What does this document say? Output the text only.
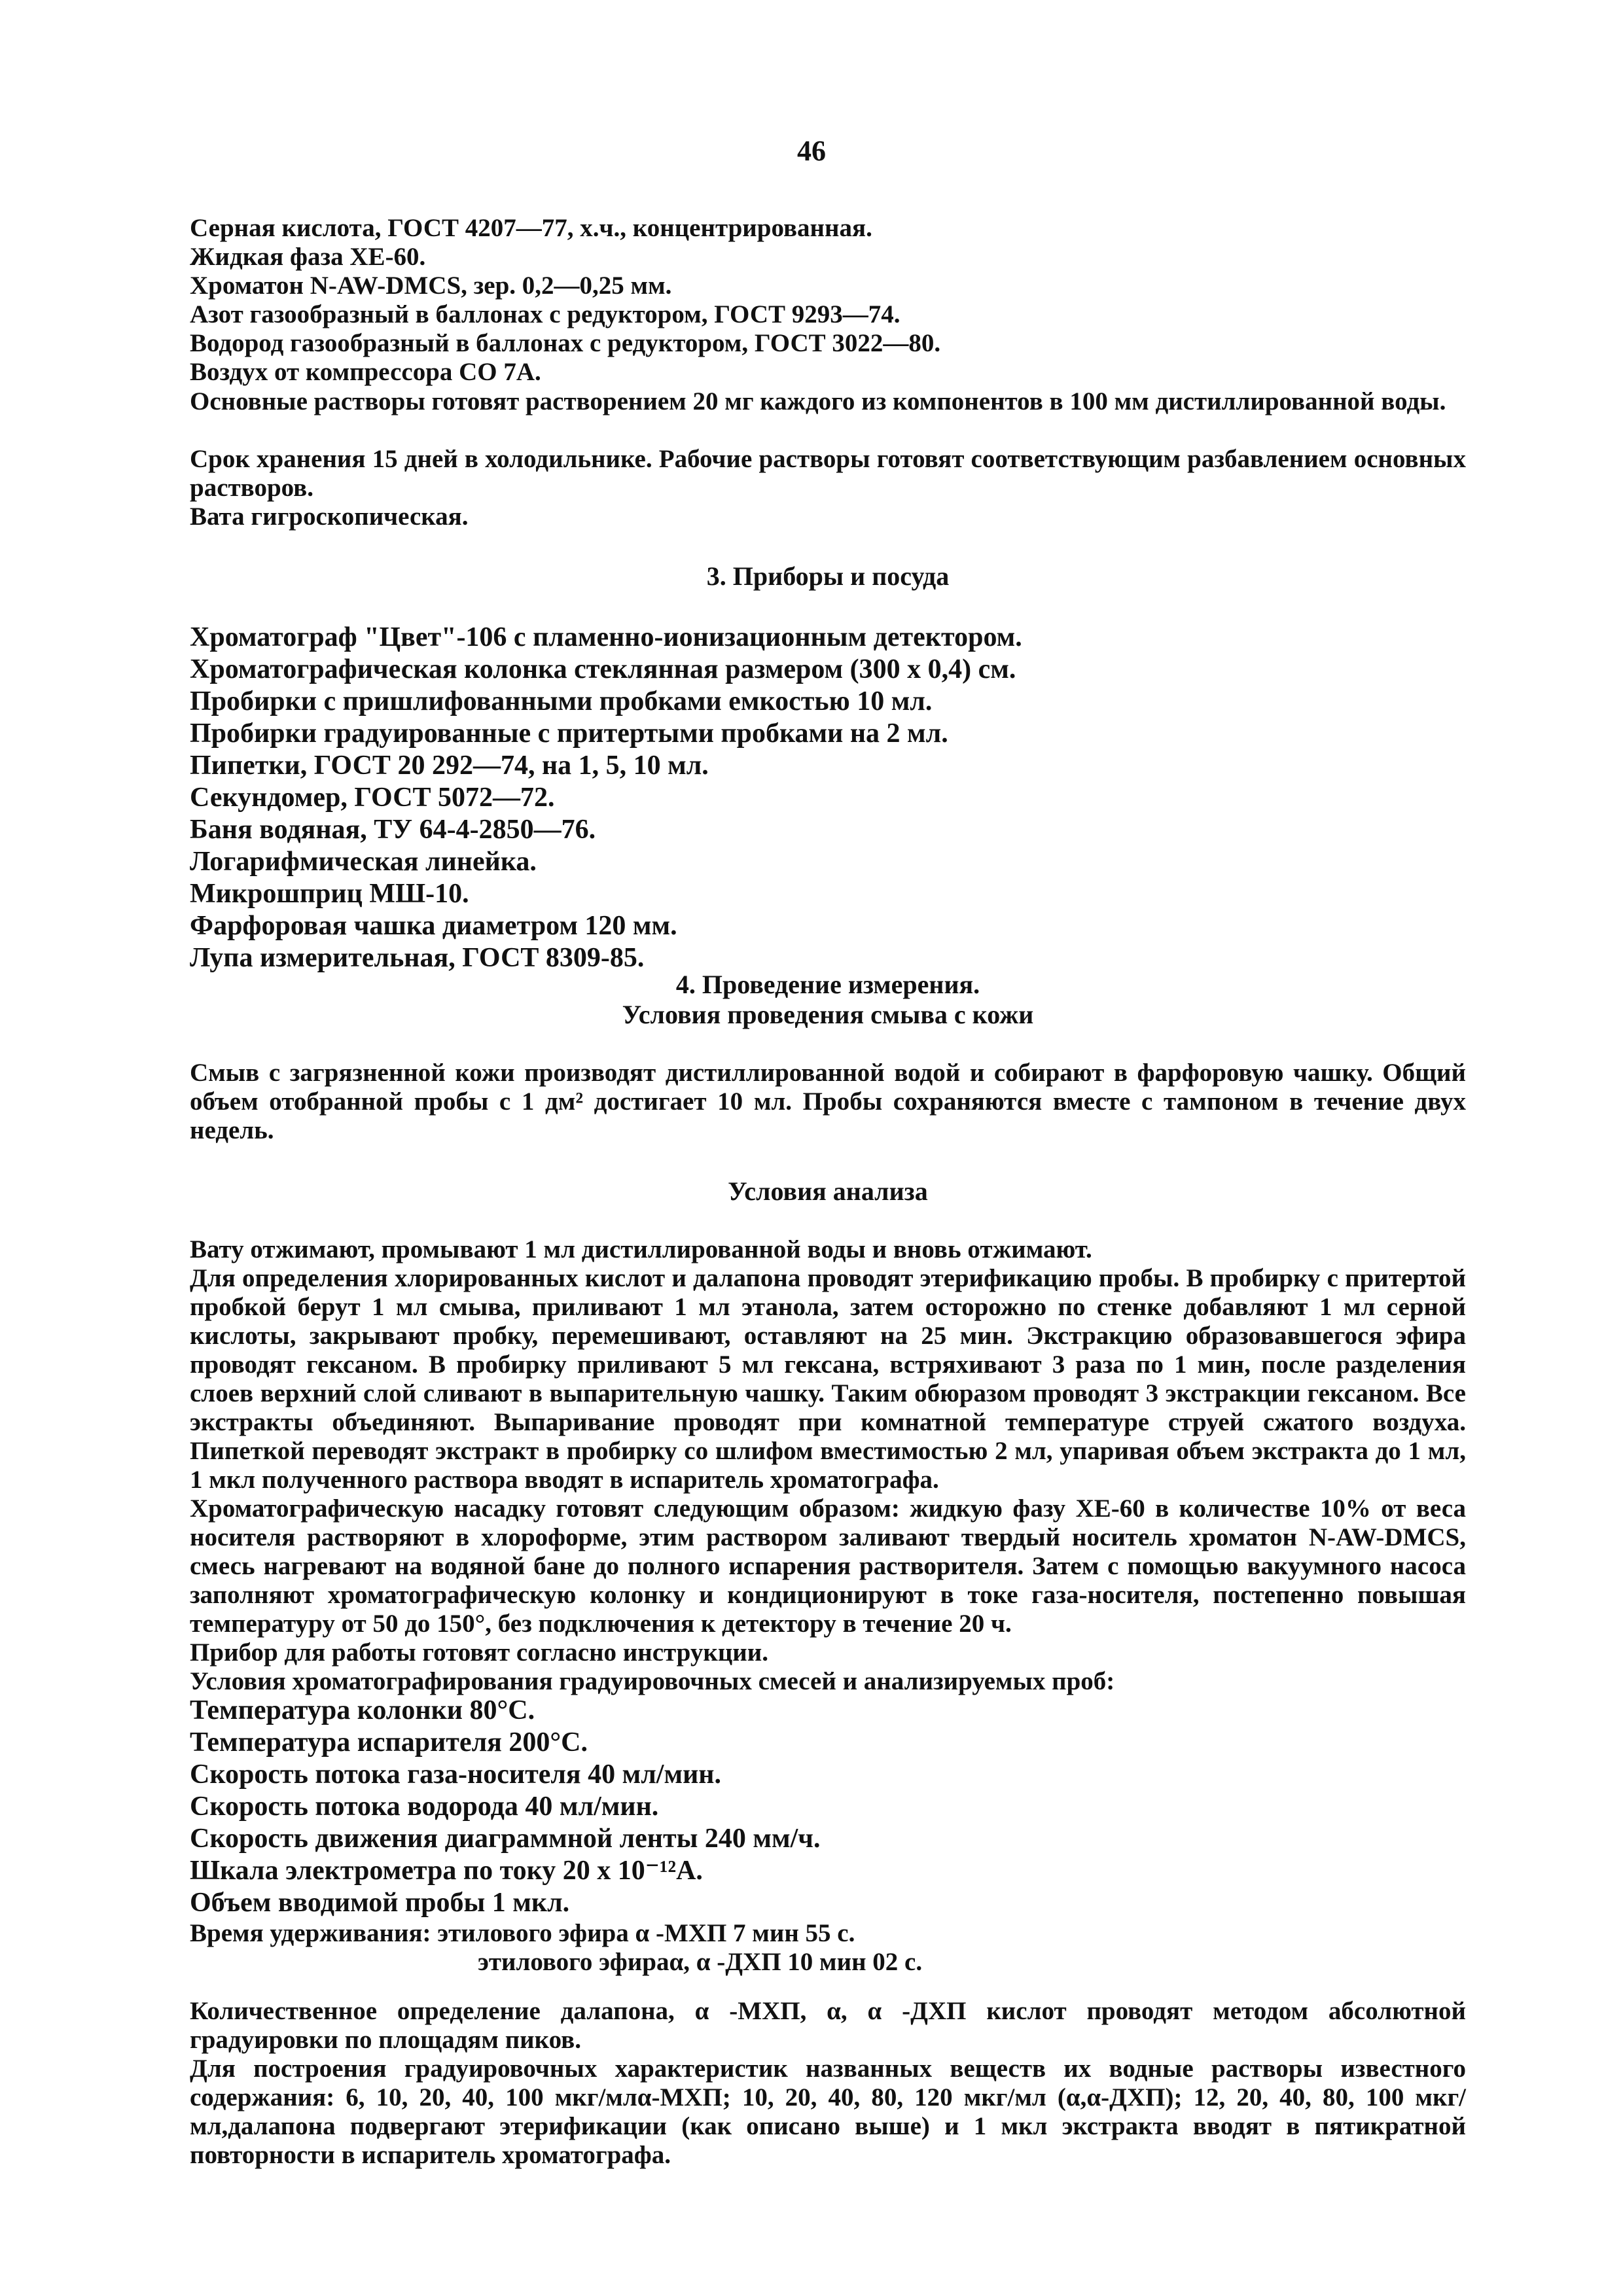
46

Серная кислота, ГОСТ 4207—77, х.ч., концентрированная.

Жидкая фаза ХЕ-60.

Хроматон N-AW-DMCS, зер. 0,2—0,25 мм.

Азот газообразный в баллонах с редуктором, ГОСТ 9293—74.

Водород газообразный в баллонах с редуктором, ГОСТ 3022—80.

Воздух от компрессора СО 7А.

Основные растворы готовят растворением 20 мг каждого из компонентов в 100 мм дистиллированной воды.

Срок хранения 15 дней в холодильнике. Рабочие растворы готовят соответствующим разбавлением основных растворов.

Вата гигроскопическая.

3. Приборы и посуда

Хроматограф "Цвет"-106 с пламенно-ионизационным детектором.

Хроматографическая колонка стеклянная размером (300 х 0,4) см.

Пробирки с пришлифованными пробками емкостью 10 мл.

Пробирки градуированные с притертыми пробками на 2 мл.

Пипетки, ГОСТ 20 292—74, на 1, 5, 10 мл.

Секундомер, ГОСТ 5072—72.

Баня водяная, ТУ 64-4-2850—76.

Логарифмическая линейка.

Микрошприц МШ-10.

Фарфоровая чашка диаметром 120 мм.

Лупа измерительная, ГОСТ 8309-85.

4. Проведение измерения.

Условия проведения смыва с кожи

Смыв с загрязненной кожи производят дистиллированной водой и собирают в фарфоровую чашку. Общий объем отобранной пробы с 1 дм² достигает 10 мл. Пробы сохраняются вместе с тампоном в течение двух недель.

Условия анализа

Вату отжимают, промывают 1 мл дистиллированной воды и вновь отжимают.

Для определения хлорированных кислот и далапона проводят этерификацию пробы. В пробирку с притертой пробкой берут 1 мл смыва, приливают 1 мл этанола, затем осторожно по стенке добавляют 1 мл серной кислоты, закрывают пробку, перемешивают, оставляют на 25 мин. Экстракцию образовавшегося эфира проводят гексаном. В пробирку приливают 5 мл гексана, встряхивают 3 раза по 1 мин, после разделения слоев верхний слой сливают в выпарительную чашку. Таким обюразом проводят 3 экстракции гексаном. Все экстракты объединяют. Выпаривание проводят при комнатной температуре струей сжатого воздуха. Пипеткой переводят экстракт в пробирку со шлифом вместимостью 2 мл, упаривая объем экстракта до 1 мл, 1 мкл полученного раствора вводят в испаритель хроматографа.

Хроматографическую насадку готовят следующим образом: жидкую фазу ХЕ-60 в количестве 10% от веса носителя растворяют в хлороформе, этим раствором заливают твердый носитель хроматон N-AW-DMCS, смесь нагревают на водяной бане до полного испарения растворителя. Затем с помощью вакуумного насоса заполняют хроматографическую колонку и кондиционируют в токе газа-носителя, постепенно повышая температуру от 50 до 150°, без подключения к детектору в течение 20 ч.

Прибор для работы готовят согласно инструкции.

Условия хроматографирования градуировочных смесей и анализируемых проб:

Температура колонки 80°С.

Температура испарителя 200°С.

Скорость потока газа-носителя 40 мл/мин.

Скорость потока водорода 40 мл/мин.

Скорость движения диаграммной ленты 240 мм/ч.

Шкала электрометра по току 20 х 10⁻¹²А.

Объем вводимой пробы 1 мкл.

Время удерживания: этилового эфира α -МХП 7 мин 55 с.

этилового эфираα, α -ДХП 10 мин 02 с.

Количественное определение далапона, α -МХП, α, α -ДХП кислот проводят методом абсолютной градуировки по площадям пиков.

Для построения градуировочных характеристик названных веществ их водные растворы известного содержания: 6, 10, 20, 40, 100 мкг/млα-МХП; 10, 20, 40, 80, 120 мкг/мл (α,α-ДХП); 12, 20, 40, 80, 100 мкг/мл,далапона подвергают этерификации (как описано выше) и 1 мкл экстракта вводят в пятикратной повторности в испаритель хроматографа.
